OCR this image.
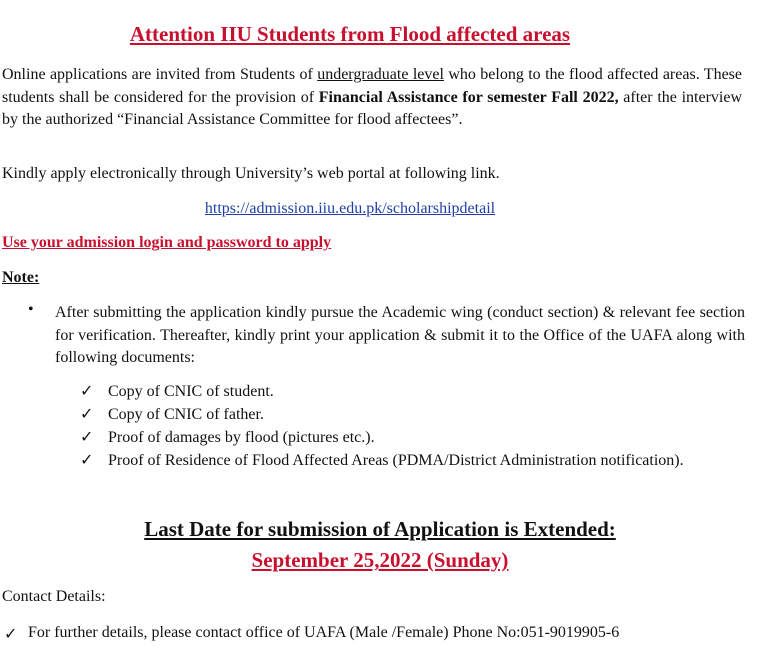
Attention IIU Students from Flood affected areas
Online applications are invited from Students of undergraduate level who belong to the flood affected areas. These students shall be considered for the provision of Financial Assistance for semester Fall 2022, after the interview by the authorized “Financial Assistance Committee for flood affectees”.
Kindly apply electronically through University’s web portal at following link.
https://admission.iiu.edu.pk/scholarshipdetail
Use your admission login and password to apply
Note:
• After submitting the application kindly pursue the Academic wing (conduct section) & relevant fee section for verification. Thereafter, kindly print your application & submit it to the Office of the UAFA along with following documents:
✓ Copy of CNIC of student.
✓ Copy of CNIC of father.
✓ Proof of damages by flood (pictures etc.).
✓ Proof of Residence of Flood Affected Areas (PDMA/District Administration notification).
Last Date for submission of Application is Extended:
September 25,2022 (Sunday)
Contact Details:
✓ For further details, please contact office of UAFA (Male /Female) Phone No:051-9019905-6
